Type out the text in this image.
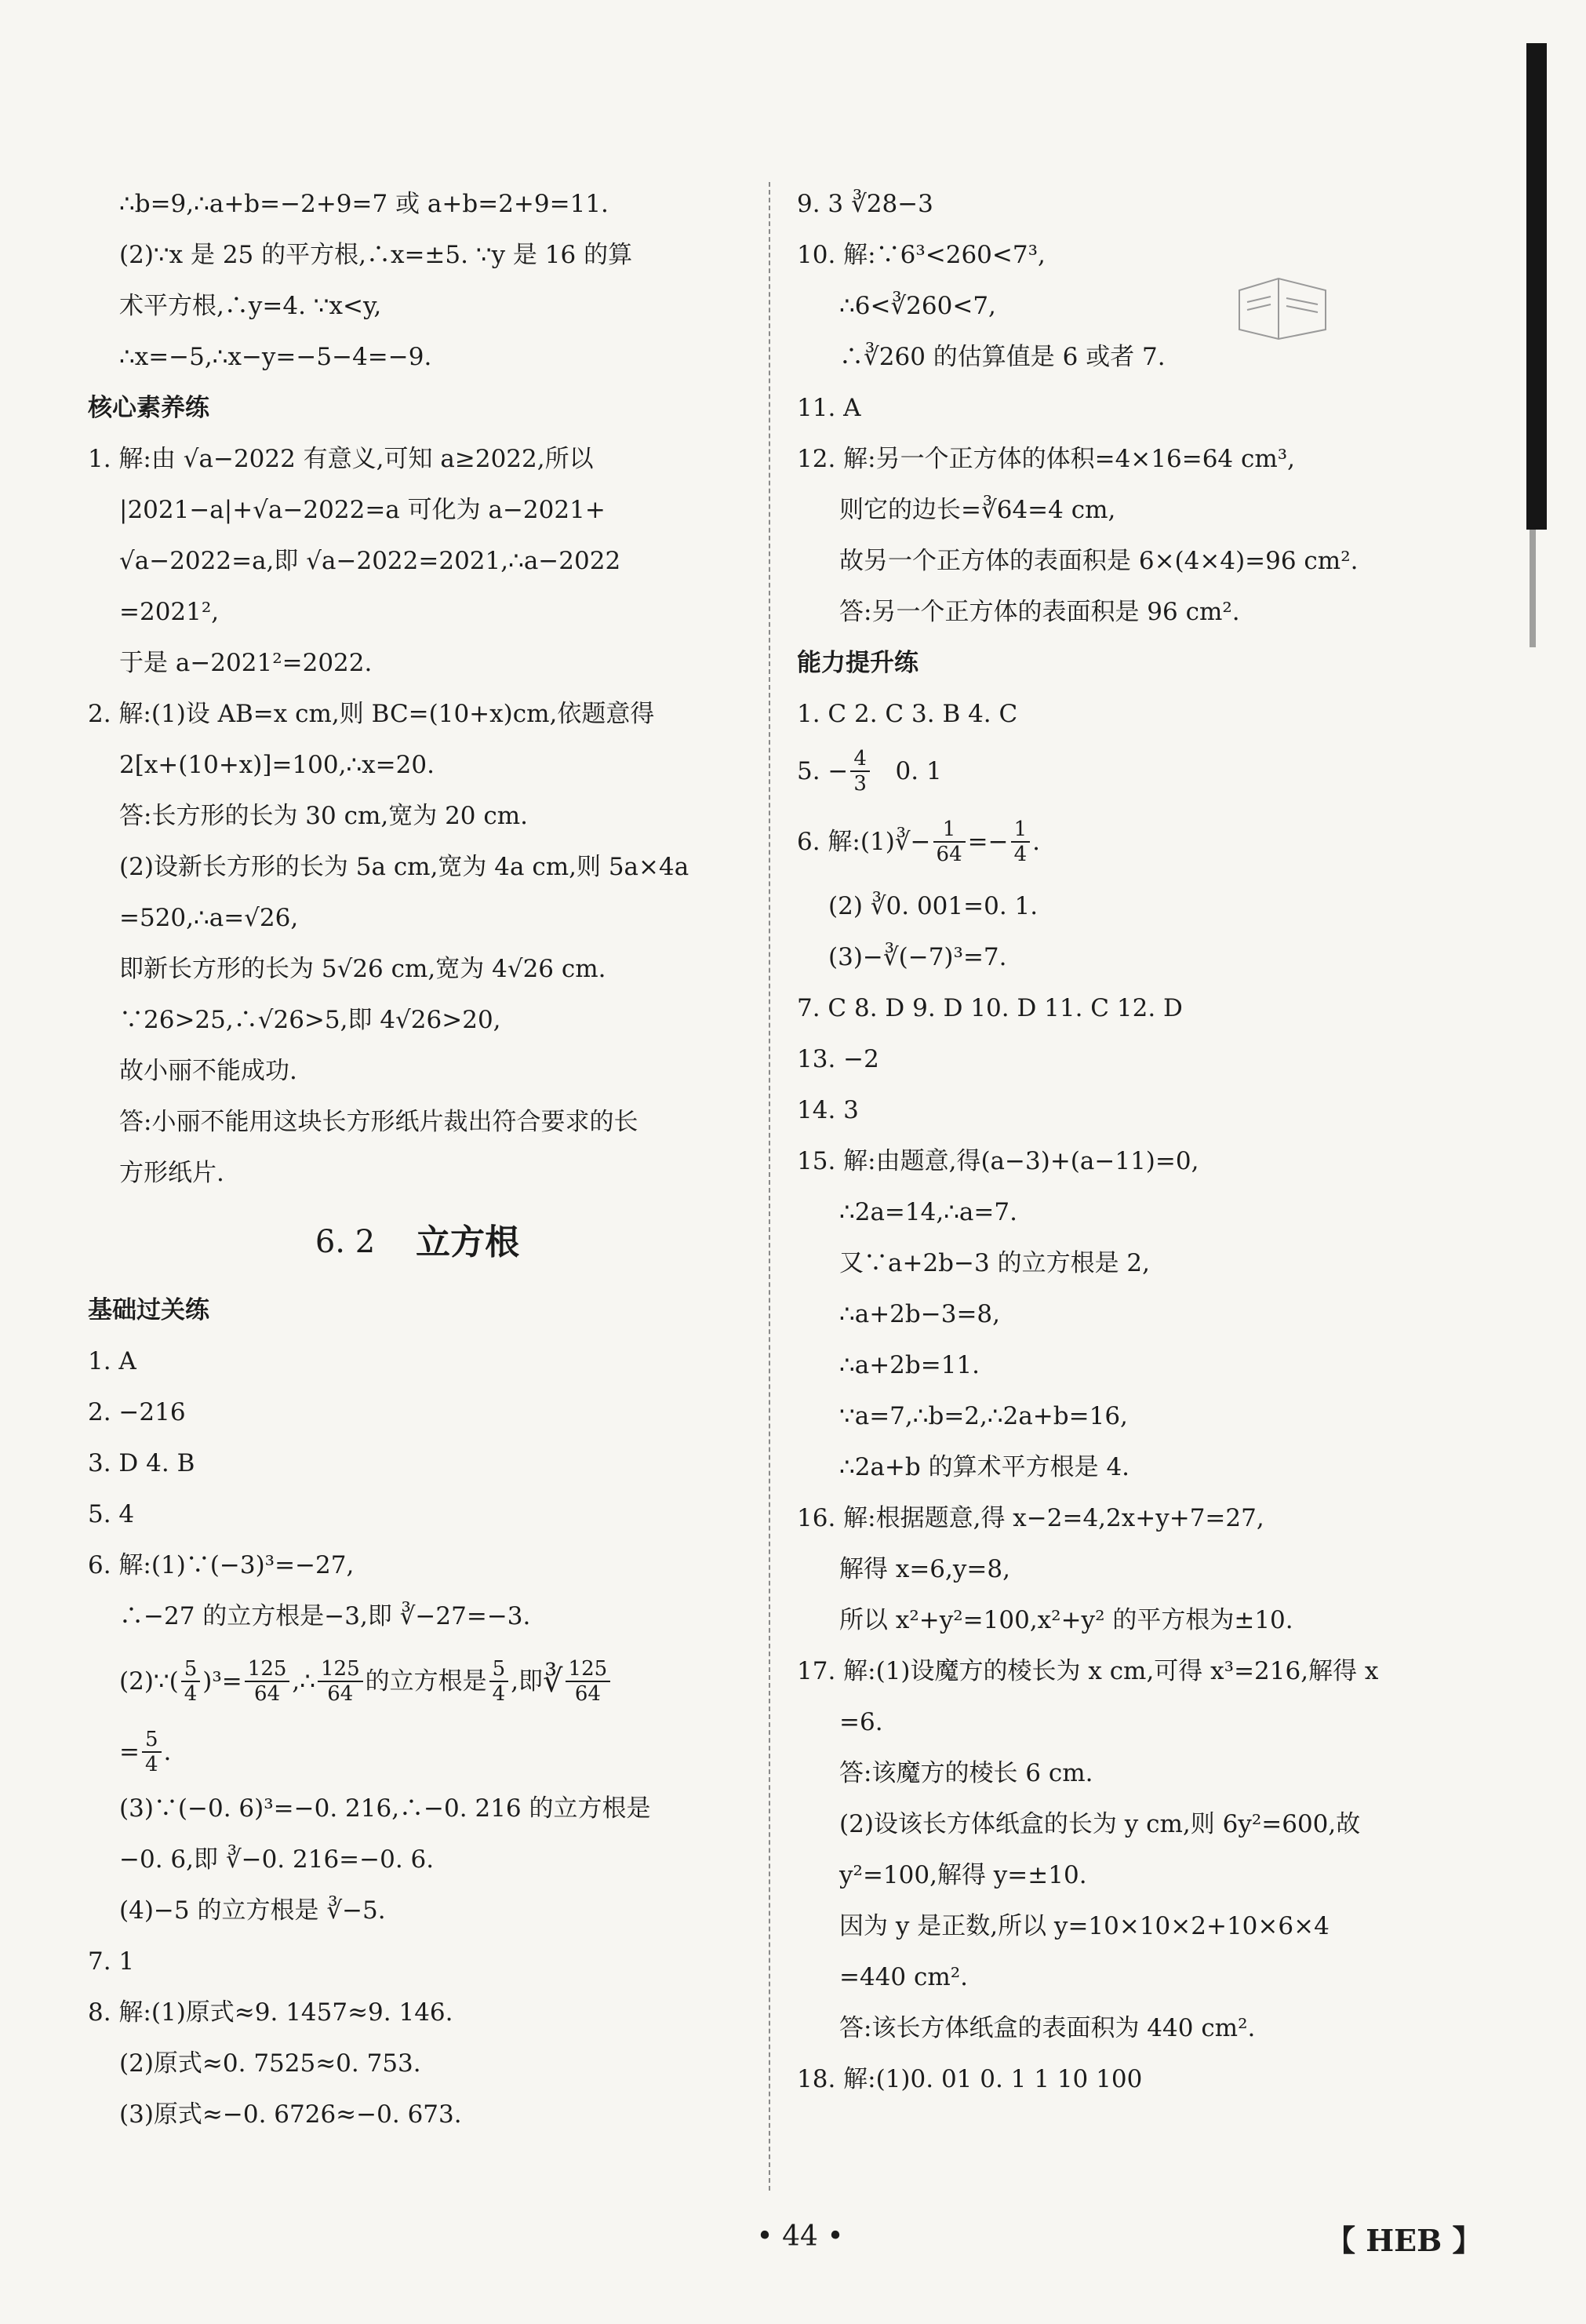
∴b=9,∴a+b=−2+9=7 或 a+b=2+9=11.
(2)∵x 是 25 的平方根,∴x=±5. ∵y 是 16 的算
术平方根,∴y=4. ∵x<y,
∴x=−5,∴x−y=−5−4=−9.
核心素养练
1. 解:由 √a−2022 有意义,可知 a≥2022,所以
|2021−a|+√a−2022=a 可化为 a−2021+
√a−2022=a,即 √a−2022=2021,∴a−2022
=2021²,
于是 a−2021²=2022.
2. 解:(1)设 AB=x cm,则 BC=(10+x)cm,依题意得
2[x+(10+x)]=100,∴x=20.
答:长方形的长为 30 cm,宽为 20 cm.
(2)设新长方形的长为 5a cm,宽为 4a cm,则 5a×4a
=520,∴a=√26,
即新长方形的长为 5√26 cm,宽为 4√26 cm.
∵26>25,∴√26>5,即 4√26>20,
故小丽不能成功.
答:小丽不能用这块长方形纸片裁出符合要求的长
方形纸片.
6. 2 立方根
基础过关练
1. A
2. −216
3. D 4. B
5. 4
6. 解:(1)∵(−3)³=−27,
∴−27 的立方根是−3,即 ∛−27=−3.
(2)∵( $\frac{5}{4} )^3= \frac{125}{64}$ ,∴ $\frac{125}{64}$ 的立方根是 $\frac{5}{4}$ ,即 ∛ $\frac{125}{64}$
= $\frac{5}{4}$ .
(3)∵(−0. 6)³=−0. 216,∴−0. 216 的立方根是
−0. 6,即 ∛−0. 216=−0. 6.
(4)−5 的立方根是 ∛−5.
7. 1
8. 解:(1)原式≈9. 1457≈9. 146.
(2)原式≈0. 7525≈0. 753.
(3)原式≈−0. 6726≈−0. 673.
9. 3 ∛28−3
10. 解:∵6³<260<7³,
∴6<∛260<7,
∴∛260 的估算值是 6 或者 7.
11. A
12. 解:另一个正方体的体积=4×16=64 cm³,
则它的边长=∛64=4 cm,
故另一个正方体的表面积是 6×(4×4)=96 cm².
答:另一个正方体的表面积是 96 cm².
能力提升练
1. C 2. C 3. B 4. C
5. − $\frac{4}{3} 0$. 1
6. 解:(1)∛ − $\frac{1}{64} =- \frac{1}{4}$ .
(2) ∛0. 001=0. 1.
(3)−∛(−7)³=7.
7. C 8. D 9. D 10. D 11. C 12. D
13. −2
14. 3
15. 解:由题意,得(a−3)+(a−11)=0,
∴2a=14,∴a=7.
又∵a+2b−3 的立方根是 2,
∴a+2b−3=8,
∴a+2b=11.
∵a=7,∴b=2,∴2a+b=16,
∴2a+b 的算术平方根是 4.
16. 解:根据题意,得 x−2=4,2x+y+7=27,
解得 x=6,y=8,
所以 x²+y²=100,x²+y² 的平方根为±10.
17. 解:(1)设魔方的棱长为 x cm,可得 x³=216,解得 x
=6.
答:该魔方的棱长 6 cm.
(2)设该长方体纸盒的长为 y cm,则 6y²=600,故
y²=100,解得 y=±10.
因为 y 是正数,所以 y=10×10×2+10×6×4
=440 cm².
答:该长方体纸盒的表面积为 440 cm².
18. 解:(1)0. 01 0. 1 1 10 100
• 44 •	【 HEB 】
